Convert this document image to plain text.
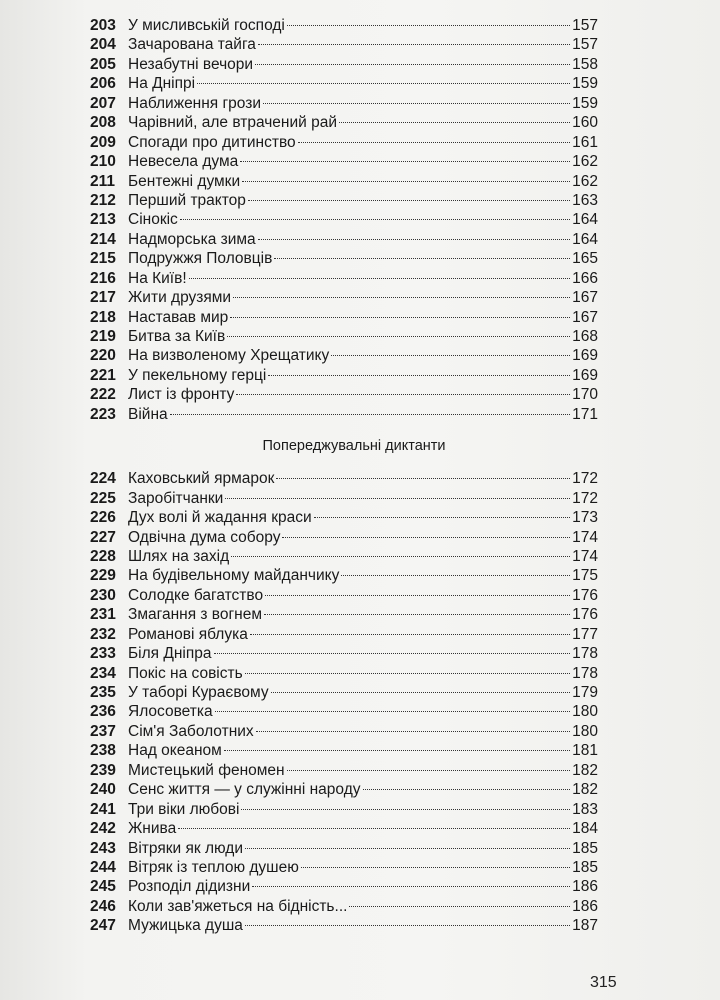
203 У мисливській господі	157
204 Зачарована тайга	157
205 Незабутні вечори	158
206 На Дніпрі	159
207 Наближення грози	159
208 Чарівний, але втрачений рай	160
209 Спогади про дитинство	161
210 Невесела дума	162
211 Бентежні думки	162
212 Перший трактор	163
213 Сінокіс	164
214 Надморська зима	164
215 Подружжя Половців	165
216 На Київ!	166
217 Жити друзями	167
218 Наставав мир	167
219 Битва за Київ	168
220 На визволеному Хрещатику	169
221 У пекельному герці	169
222 Лист із фронту	170
223 Війна	171
Попереджувальні диктанти
224 Каховський ярмарок	172
225 Заробітчанки	172
226 Дух волі й жадання краси	173
227 Одвічна дума собору	174
228 Шлях на захід	174
229 На будівельному майданчику	175
230 Солодке багатство	176
231 Змагання з вогнем	176
232 Романові яблука	177
233 Біля Дніпра	178
234 Покіс на совість	178
235 У таборі Кураєвому	179
236 Ялосоветка	180
237 Сім'я Заболотних	180
238 Над океаном	181
239 Мистецький феномен	182
240 Сенс життя — у служінні народу	182
241 Три віки любові	183
242 Жнива	184
243 Вітряки як люди	185
244 Вітряк із теплою душею	185
245 Розподіл дідизни	186
246 Коли зав'яжеться на бідність...	186
247 Мужицька душа	187
315
